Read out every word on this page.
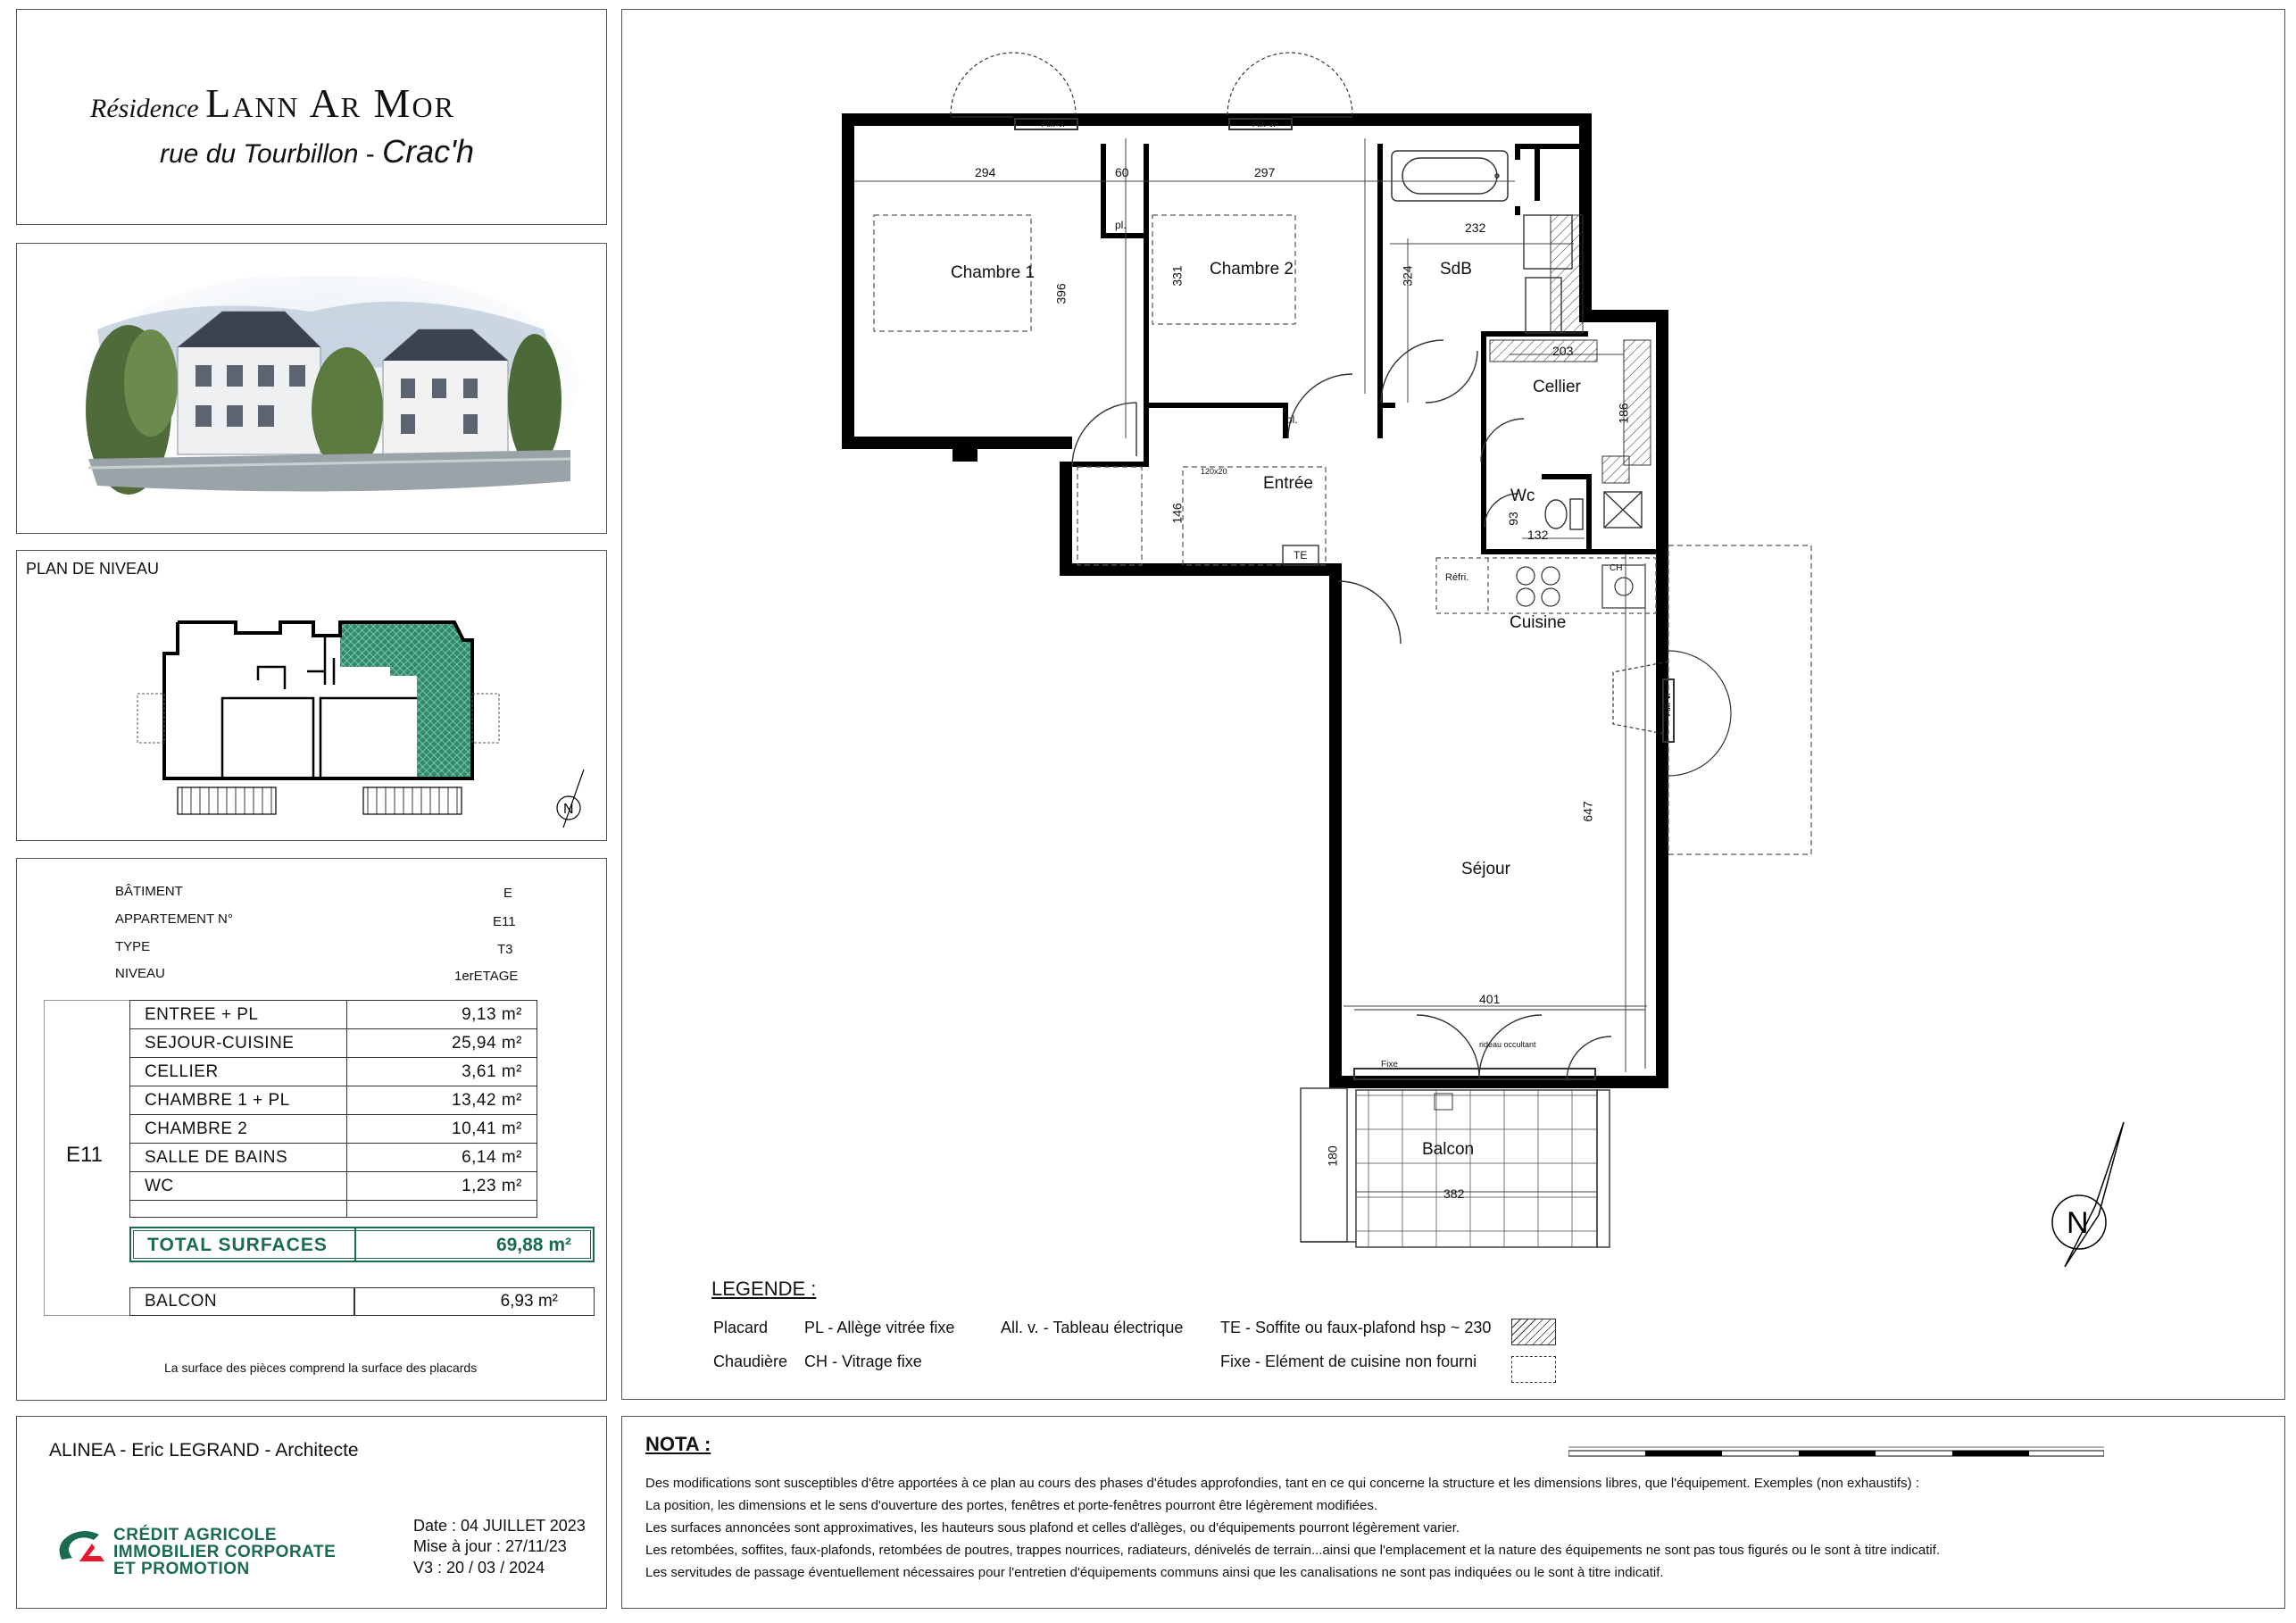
Résidence Lann Ar Mor
rue du Tourbillon - Crac'h
PLAN DE NIVEAU
N
BÂTIMENT	E
APPARTEMENT N°	E11
TYPE	T3
NIVEAU	1erETAGE
E11
ENTREE + PL	9,13 m²
SEJOUR-CUISINE	25,94 m²
CELLIER	3,61 m²
CHAMBRE 1 + PL	13,42 m²
CHAMBRE 2	10,41 m²
SALLE DE BAINS	6,14 m²
WC	1,23 m²

TOTAL SURFACES	69,88 m²
BALCON	6,93 m²
La surface des pièces comprend la surface des placards
ALINEA - Eric LEGRAND - Architecte
CRÉDIT AGRICOLE
IMMOBILIER CORPORATE
ET PROMOTION
Date : 04 JUILLET 2023
Mise à jour : 27/11/23
V3 : 20 / 03 / 2024
Chambre 1	Chambre 2	SdB
Cellier
Entrée
Wc
Cuisine
Séjour
Balcon
294	60	297
232
396
331	324
203
186
146	93
132
647
401
180
382
All. v.	All. v.
All. v.
pl.
pl.
TE
Réfri.
Fixe
120x20
CH
rideau occultant
N
LEGENDE :
Placard PL - Allège vitrée fixe	All. v. - Tableau électrique TE - Soffite ou faux-plafond hsp ~ 230
Chaudière CH - Vitrage fixe	Fixe - Elément de cuisine non fourni
NOTA :
Des modifications sont susceptibles d'être apportées à ce plan au cours des phases d'études approfondies, tant en ce qui concerne la structure et les dimensions libres, que l'équipement. Exemples (non exhaustifs) :
La position, les dimensions et le sens d'ouverture des portes, fenêtres et porte-fenêtres pourront être légèrement modifiées.
Les surfaces annoncées sont approximatives, les hauteurs sous plafond et celles d'allèges, ou d'équipements pourront légèrement varier.
Les retombées, soffites, faux-plafonds, retombées de poutres, trappes nourrices, radiateurs, dénivelés de terrain...ainsi que l'emplacement et la nature des équipements ne sont pas tous figurés ou le sont à titre indicatif.
Les servitudes de passage éventuellement nécessaires pour l'entretien d'équipements communs ainsi que les canalisations ne sont pas indiquées ou le sont à titre indicatif.
